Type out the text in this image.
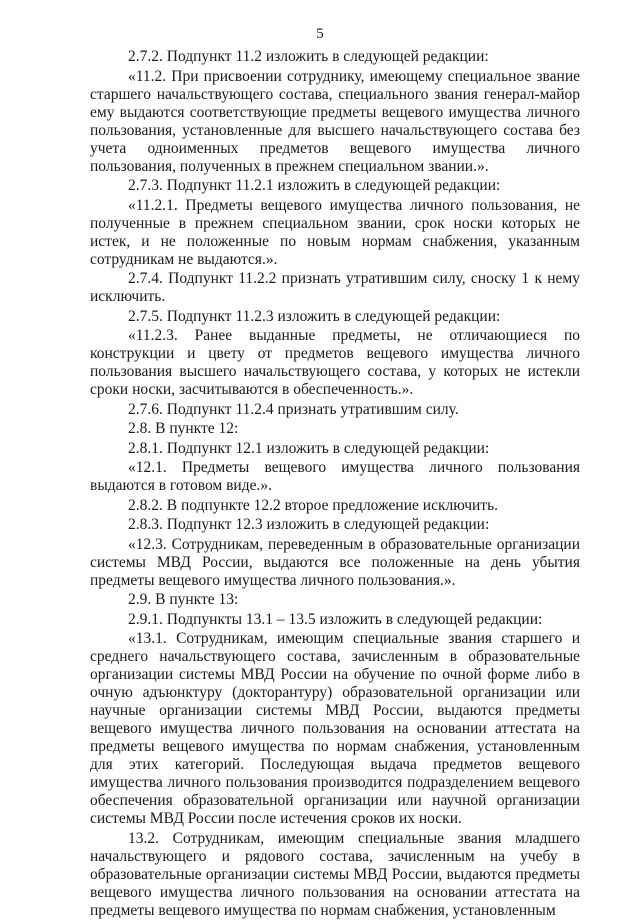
5

2.7.2. Подпункт 11.2 изложить в следующей редакции:

«11.2. При присвоении сотруднику, имеющему специальное звание старшего начальствующего состава, специального звания генерал-майор ему выдаются соответствующие предметы вещевого имущества личного пользования, установленные для высшего начальствующего состава без учета одноименных предметов вещевого имущества личного пользования, полученных в прежнем специальном звании.».

2.7.3. Подпункт 11.2.1 изложить в следующей редакции:

«11.2.1. Предметы вещевого имущества личного пользования, не полученные в прежнем специальном звании, срок носки которых не истек, и не положенные по новым нормам снабжения, указанным сотрудникам не выдаются.».

2.7.4. Подпункт 11.2.2 признать утратившим силу, сноску 1 к нему исключить.

2.7.5. Подпункт 11.2.3 изложить в следующей редакции:

«11.2.3. Ранее выданные предметы, не отличающиеся по конструкции и цвету от предметов вещевого имущества личного пользования высшего начальствующего состава, у которых не истекли сроки носки, засчитываются в обеспеченность.».

2.7.6. Подпункт 11.2.4 признать утратившим силу.

2.8. В пункте 12:

2.8.1. Подпункт 12.1 изложить в следующей редакции:

«12.1. Предметы вещевого имущества личного пользования выдаются в готовом виде.».

2.8.2. В подпункте 12.2 второе предложение исключить.

2.8.3. Подпункт 12.3 изложить в следующей редакции:

«12.3. Сотрудникам, переведенным в образовательные организации системы МВД России, выдаются все положенные на день убытия предметы вещевого имущества личного пользования.».

2.9. В пункте 13:

2.9.1. Подпункты 13.1 – 13.5 изложить в следующей редакции:

«13.1. Сотрудникам, имеющим специальные звания старшего и среднего начальствующего состава, зачисленным в образовательные организации системы МВД России на обучение по очной форме либо в очную адъюнктуру (докторантуру) образовательной организации или научные организации системы МВД России, выдаются предметы вещевого имущества личного пользования на основании аттестата на предметы вещевого имущества по нормам снабжения, установленным для этих категорий. Последующая выдача предметов вещевого имущества личного пользования производится подразделением вещевого обеспечения образовательной организации или научной организации системы МВД России после истечения сроков их носки.

13.2. Сотрудникам, имеющим специальные звания младшего начальствующего и рядового состава, зачисленным на учебу в образовательные организации системы МВД России, выдаются предметы вещевого имущества личного пользования на основании аттестата на предметы вещевого имущества по нормам снабжения, установленным
